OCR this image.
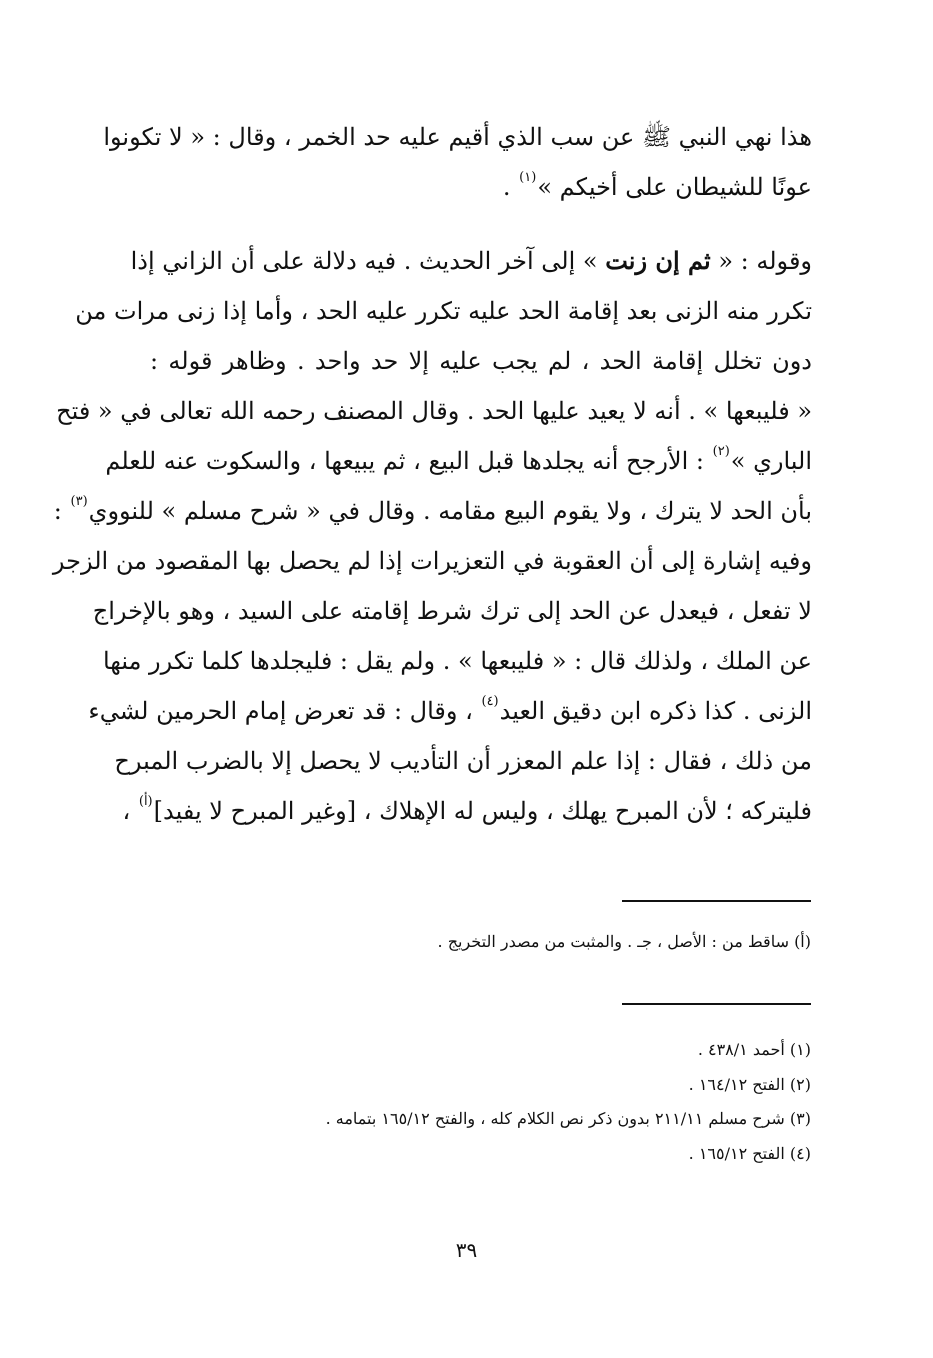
هذا نهي النبي ﷺ عن سب الذي أقيم عليه حد الخمر ، وقال : « لا تكونوا
عونًا للشيطان على أخيكم »$^{(١)}$ .
وقوله : « ثم إن زنت » إلى آخر الحديث . فيه دلالة على أن الزاني إذا
تكرر منه الزنى بعد إقامة الحد عليه تكرر عليه الحد ، وأما إذا زنى مرات من
دون تخلل إقامة الحد ، لم يجب عليه إلا حد واحد . وظاهر قوله :
« فليبعها » . أنه لا يعيد عليها الحد . وقال المصنف رحمه الله تعالى في « فتح
الباري »$^{(٢)}$ : الأرجح أنه يجلدها قبل البيع ، ثم يبيعها ، والسكوت عنه للعلم
بأن الحد لا يترك ، ولا يقوم البيع مقامه . وقال في « شرح مسلم » للنووي$^{(٣)}$ :
وفيه إشارة إلى أن العقوبة في التعزيرات إذا لم يحصل بها المقصود من الزجر
لا تفعل ، فيعدل عن الحد إلى ترك شرط إقامته على السيد ، وهو بالإخراج
عن الملك ، ولذلك قال : « فليبعها » . ولم يقل : فليجلدها كلما تكرر منها
الزنى . كذا ذكره ابن دقيق العيد$^{(٤)}$ ، وقال : قد تعرض إمام الحرمين لشيء
من ذلك ، فقال : إذا علم المعزر أن التأديب لا يحصل إلا بالضرب المبرح
فليتركه ؛ لأن المبرح يهلك ، وليس له الإهلاك ، [وغير المبرح لا يفيد]$^{(أ)}$ ،
(أ) ساقط من : الأصل ، جـ . والمثبت من مصدر التخريج .
(١) أحمد ٤٣٨/١ .
(٢) الفتح ١٦٤/١٢ .
(٣) شرح مسلم ٢١١/١١ بدون ذكر نص الكلام كله ، والفتح ١٦٥/١٢ بتمامه .
(٤) الفتح ١٦٥/١٢ .
٣٩
